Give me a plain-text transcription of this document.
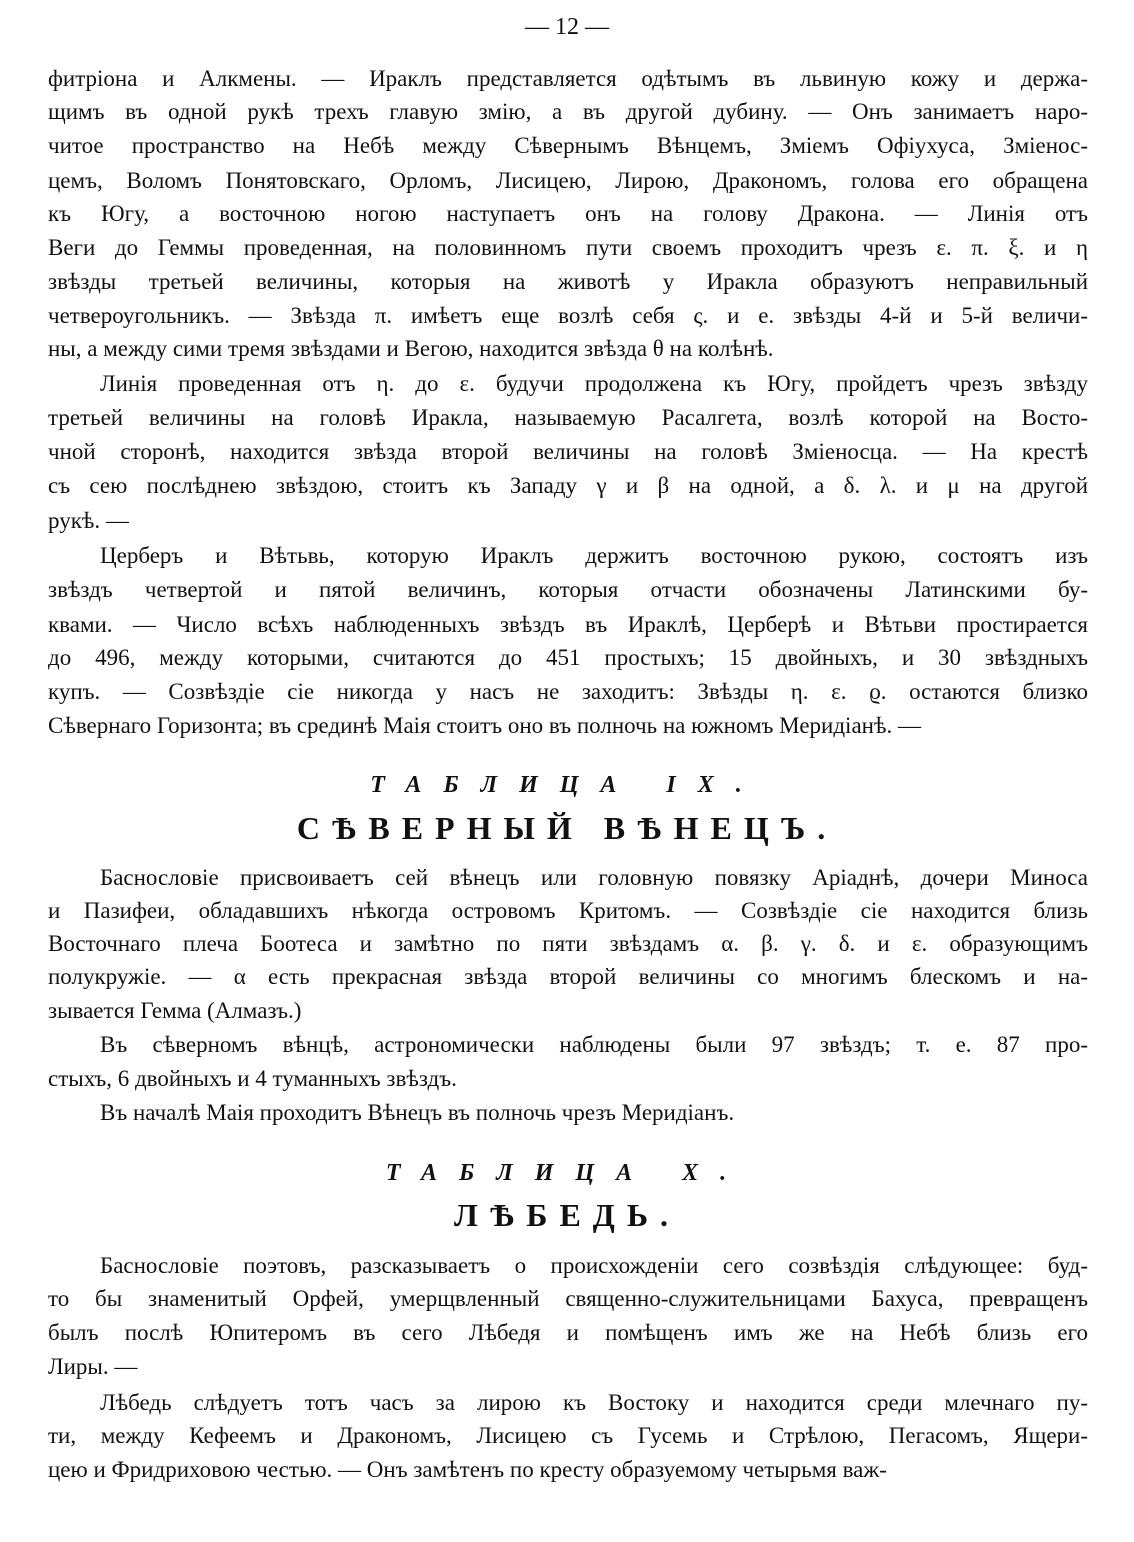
— 12 —
ТАБЛИЦА IX.
СѢВЕРНЫЙ ВѢНЕЦЪ.
ТАБЛИЦА X.
ЛѢБЕДЬ.
фитріона и Алкмены. — Ираклъ представляется одѣтымъ въ львиную кожу и держа-
щимъ въ одной рукѣ трехъ главую змію, а въ другой дубину. — Онъ занимаетъ наро-
читое пространство на Небѣ между Сѣвернымъ Вѣнцемъ, Зміемъ Офіухуса, Зміенос-
цемъ, Воломъ Понятовскаго, Орломъ, Лисицею, Лирою, Дракономъ, голова его обращена
къ Югу, а восточною ногою наступаетъ онъ на голову Дракона. — Линія отъ
Веги до Геммы проведенная, на половинномъ пути своемъ проходитъ чрезъ ε. π. ξ. и η
звѣзды третьей величины, которыя на животѣ у Иракла образуютъ неправильный
четвероугольникъ. — Звѣзда π. имѣетъ еще возлѣ себя ς. и е. звѣзды 4-й и 5-й величи-
ны, а между сими тремя звѣздами и Вегою, находится звѣзда θ на колѣнѣ.
Линія проведенная отъ η. до ε. будучи продолжена къ Югу, пройдетъ чрезъ звѣзду
третьей величины на головѣ Иракла, называемую Расалгета, возлѣ которой на Восто-
чной сторонѣ, находится звѣзда второй величины на головѣ Зміеносца. — На крестѣ
съ сею послѣднею звѣздою, стоитъ къ Западу γ и β на одной, а δ. λ. и μ на другой
рукѣ. —
Церберъ и Вѣтьвь, которую Ираклъ держитъ восточною рукою, состоятъ изъ
звѣздъ четвертой и пятой величинъ, которыя отчасти обозначены Латинскими бу-
квами. — Число всѣхъ наблюденныхъ звѣздъ въ Ираклѣ, Церберѣ и Вѣтьви простирается
до 496, между которыми, считаются до 451 простыхъ; 15 двойныхъ, и 30 звѣздныхъ
купъ. — Созвѣздіе сіе никогда у насъ не заходитъ: Звѣзды η. ε. ϱ. остаются близко
Сѣвернаго Горизонта; въ срединѣ Маія стоитъ оно въ полночь на южномъ Меридіанѣ. —
Баснословіе присвоиваетъ сей вѣнецъ или головную повязку Аріаднѣ, дочери Миноса
и Пазифеи, обладавшихъ нѣкогда островомъ Критомъ. — Созвѣздіе сіе находится близь
Восточнаго плеча Боотеса и замѣтно по пяти звѣздамъ α. β. γ. δ. и ε. образующимъ
полукружіе. — α есть прекрасная звѣзда второй величины со многимъ блескомъ и на-
зывается Гемма (Алмазъ.)
Въ сѣверномъ вѣнцѣ, астрономически наблюдены были 97 звѣздъ; т. е. 87 про-
стыхъ, 6 двойныхъ и 4 туманныхъ звѣздъ.
Въ началѣ Маія проходитъ Вѣнецъ въ полночь чрезъ Меридіанъ.
Баснословіе поэтовъ, разсказываетъ о происхожденіи сего созвѣздія слѣдующее: буд-
то бы знаменитый Орфей, умерщвленный священно-служительницами Бахуса, превращенъ
былъ послѣ Юпитеромъ въ сего Лѣбедя и помѣщенъ имъ же на Небѣ близь его
Лиры. —
Лѣбедь слѣдуетъ тотъ часъ за лирою къ Востоку и находится среди млечнаго пу-
ти, между Кефеемъ и Дракономъ, Лисицею съ Гусемь и Стрѣлою, Пегасомъ, Ящери-
цею и Фридриховою честью. — Онъ замѣтенъ по кресту образуемому четырьмя важ-
